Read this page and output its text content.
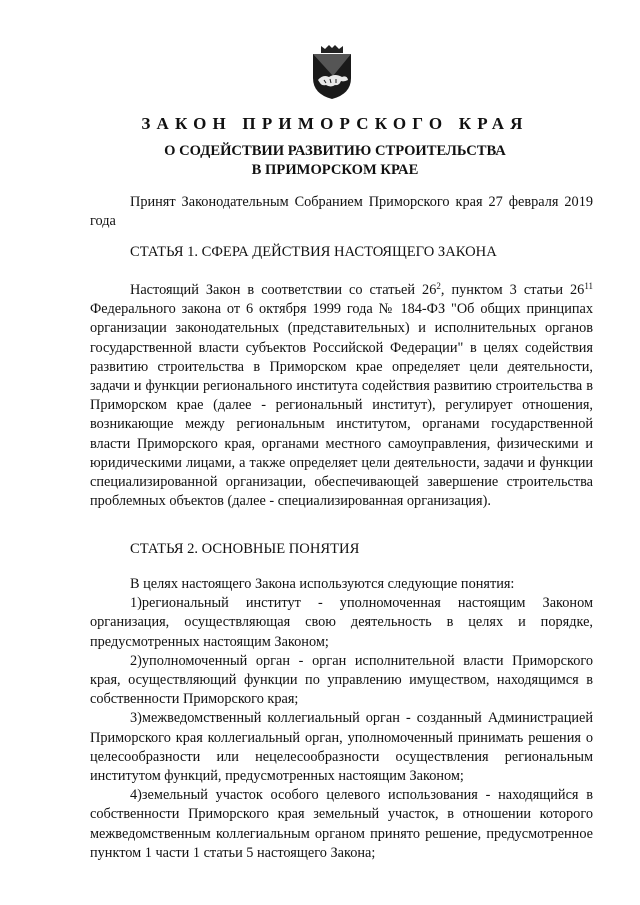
ЗАКОН ПРИМОРСКОГО КРАЯ
О СОДЕЙСТВИИ РАЗВИТИЮ СТРОИТЕЛЬСТВА
В ПРИМОРСКОМ КРАЕ

Принят Законодательным Собранием Приморского края 27 февраля 2019 года

СТАТЬЯ 1. СФЕРА ДЕЙСТВИЯ НАСТОЯЩЕГО ЗАКОНА

Настоящий Закон в соответствии со статьей $26^2$, пунктом 3 статьи $26^{11}$ Федерального закона от 6 октября 1999 года № 184-ФЗ "Об общих принципах организации законодательных (представительных) и исполнительных органов государственной власти субъектов Российской Федерации" в целях содействия развитию строительства в Приморском крае определяет цели деятельности, задачи и функции регионального института содействия развитию строительства в Приморском крае (далее - региональный институт), регулирует отношения, возникающие между региональным институтом, органами государственной власти Приморского края, органами местного самоуправления, физическими и юридическими лицами, а также определяет цели деятельности, задачи и функции специализированной организации, обеспечивающей завершение строительства проблемных объектов (далее - специализированная организация).

СТАТЬЯ 2. ОСНОВНЫЕ ПОНЯТИЯ

В целях настоящего Закона используются следующие понятия:
1)региональный институт - уполномоченная настоящим Законом организация, осуществляющая свою деятельность в целях и порядке, предусмотренных настоящим Законом;
2)уполномоченный орган - орган исполнительной власти Приморского края, осуществляющий функции по управлению имуществом, находящимся в собственности Приморского края;
3)межведомственный коллегиальный орган - созданный Администрацией Приморского края коллегиальный орган, уполномоченный принимать решения о целесообразности или нецелесообразности осуществления региональным институтом функций, предусмотренных настоящим Законом;
4)земельный участок особого целевого использования - находящийся в собственности Приморского края земельный участок, в отношении которого межведомственным коллегиальным органом принято решение, предусмотренное пунктом 1 части 1 статьи 5 настоящего Закона;
